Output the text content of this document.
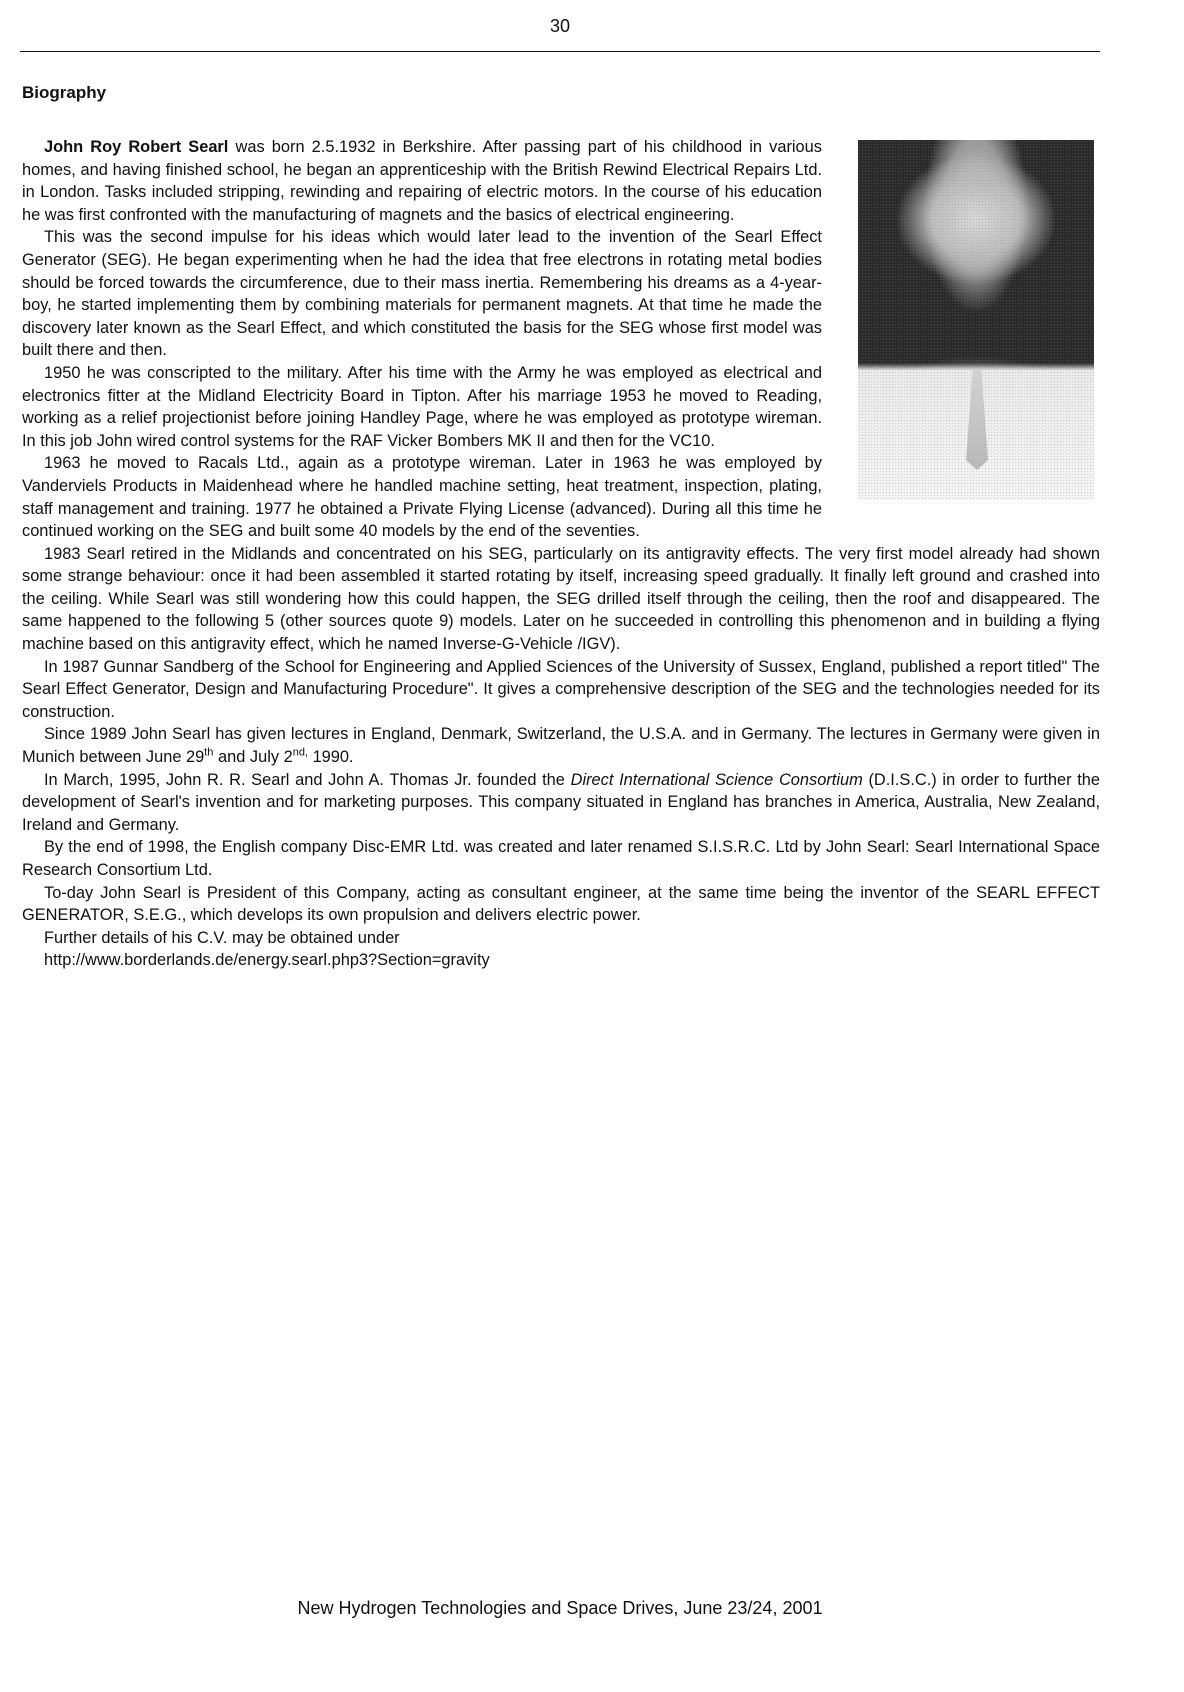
30
Biography

John Roy Robert Searl was born 2.5.1932 in Berkshire. After passing part of his childhood in various homes, and having finished school, he began an apprenticeship with the British Rewind Electrical Repairs Ltd. in London. Tasks included stripping, rewinding and repairing of electric motors. In the course of his education he was first confronted with the manufacturing of magnets and the basics of electrical engineering.

This was the second impulse for his ideas which would later lead to the invention of the Searl Effect Generator (SEG). He began experimenting when he had the idea that free electrons in rotating metal bodies should be forced towards the circumference, due to their mass inertia. Remembering his dreams as a 4-year-boy, he started implementing them by combining materials for permanent magnets. At that time he made the discovery later known as the Searl Effect, and which constituted the basis for the SEG whose first model was built there and then.

1950 he was conscripted to the military. After his time with the Army he was employed as electrical and electronics fitter at the Midland Electricity Board in Tipton. After his marriage 1953 he moved to Reading, working as a relief projectionist before joining Handley Page, where he was employed as prototype wireman. In this job John wired control systems for the RAF Vicker Bombers MK II and then for the VC10.

1963 he moved to Racals Ltd., again as a prototype wireman. Later in 1963 he was employed by Vanderviels Products in Maidenhead where he handled machine setting, heat treatment, inspection, plating, staff management and training. 1977 he obtained a Private Flying License (advanced). During all this time he continued working on the SEG and built some 40 models by the end of the seventies.

1983 Searl retired in the Midlands and concentrated on his SEG, particularly on its antigravity effects. The very first model already had shown some strange behaviour: once it had been assembled it started rotating by itself, increasing speed gradually. It finally left ground and crashed into the ceiling. While Searl was still wondering how this could happen, the SEG drilled itself through the ceiling, then the roof and disappeared. The same happened to the following 5 (other sources quote 9) models. Later on he succeeded in controlling this phenomenon and in building a flying machine based on this antigravity effect, which he named Inverse-G-Vehicle /IGV).

In 1987 Gunnar Sandberg of the School for Engineering and Applied Sciences of the University of Sussex, England, published a report titled" The Searl Effect Generator, Design and Manufacturing Procedure". It gives a comprehensive description of the SEG and the technologies needed for its construction.

Since 1989 John Searl has given lectures in England, Denmark, Switzerland, the U.S.A. and in Germany. The lectures in Germany were given in Munich between June 29th and July $2^{nd,}$ 1990.

In March, 1995, John R. R. Searl and John A. Thomas Jr. founded the Direct International Science Consortium (D.I.S.C.) in order to further the development of Searl's invention and for marketing purposes. This company situated in England has branches in America, Australia, New Zealand, Ireland and Germany.

By the end of 1998, the English company Disc-EMR Ltd. was created and later renamed S.I.S.R.C. Ltd by John Searl: Searl International Space Research Consortium Ltd.

To-day John Searl is President of this Company, acting as consultant engineer, at the same time being the inventor of the SEARL EFFECT GENERATOR, S.E.G., which develops its own propulsion and delivers electric power.

Further details of his C.V. may be obtained under

http://www.borderlands.de/energy.searl.php3?Section=gravity

New Hydrogen Technologies and Space Drives, June 23/24, 2001
